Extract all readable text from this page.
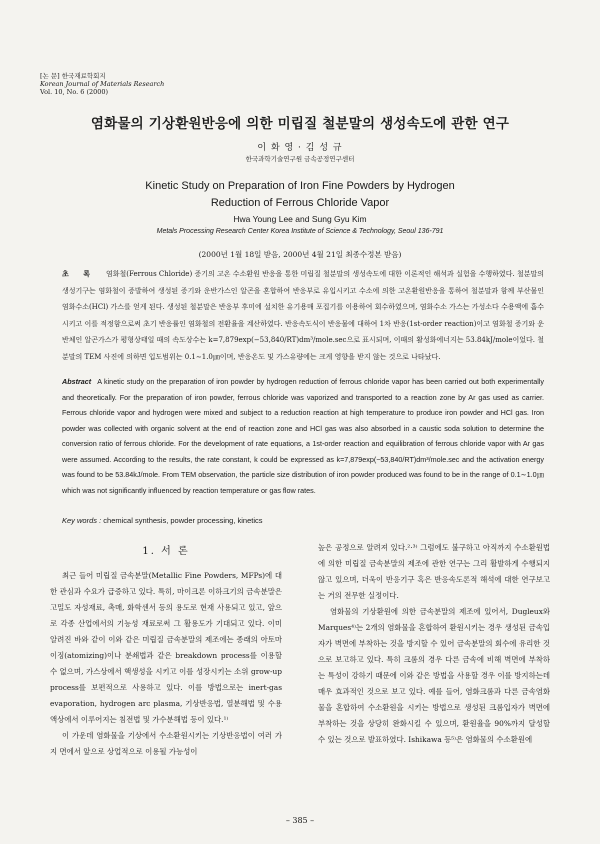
[논 문] 한국재료학회지
Korean Journal of Materials Research
Vol. 10, No. 6 (2000)
염화물의 기상환원반응에 의한 미립질 철분말의 생성속도에 관한 연구
이 화 영 · 김 성 규
한국과학기술연구원 금속공정연구센터
Kinetic Study on Preparation of Iron Fine Powders by Hydrogen
Reduction of Ferrous Chloride Vapor
Hwa Young Lee and Sung Gyu Kim
Metals Processing Research Center Korea Institute of Science & Technology, Seoul 136-791
(2000년 1월 18일 받음, 2000년 4월 21일 최종수정본 받음)
초 록 염화철(Ferrous Chloride) 증기의 고온 수소환원 반응을 통한 미립질 철분말의 생성속도에 대한 이론적인 해석과 실험을 수행하였다. 철분말의 생성기구는 염화철이 증발하여 생성된 증기와 운반가스인 알곤을 혼합하여 반응부로 유입시키고 수소에 의한 고온환원반응을 통하여 철분말과 함께 부산물인 염화수소(HCl) 가스를 얻게 된다. 생성된 철분말은 반응부 후미에 설치한 유기용매 포집기를 이용하여 회수하였으며, 염화수소 가스는 가성소다 수용액에 흡수시키고 이를 적정함으로써 초기 반응률인 염화철의 전환율을 계산하였다. 반응속도식이 반응물에 대하여 1차 반응(1st-order reaction)이고 염화철 증기와 운반체인 알곤가스가 평형상태일 때의 속도상수는 k=7,879exp(−53,840/RT)dm³/mole.sec으로 표시되며, 이때의 활성화에너지는 53.84kJ/mole이었다. 철분말의 TEM 사진에 의하면 입도범위는 0.1∼1.0㎛이며, 반응온도 및 가스유량에는 크게 영향을 받지 않는 것으로 나타났다.
Abstract A kinetic study on the preparation of iron powder by hydrogen reduction of ferrous chloride vapor has been carried out both experimentally and theoretically. For the preparation of iron powder, ferrous chloride was vaporized and transported to a reaction zone by Ar gas used as carrier. Ferrous chloride vapor and hydrogen were mixed and subject to a reduction reaction at high temperature to produce iron powder and HCl gas. Iron powder was collected with organic solvent at the end of reaction zone and HCl gas was also absorbed in a caustic soda solution to determine the conversion ratio of ferrous chloride. For the development of rate equations, a 1st-order reaction and equilibration of ferrous chloride vapor with Ar gas were assumed. According to the results, the rate constant, k could be expressed as k=7,879exp(−53,840/RT)dm³/mole.sec and the activation energy was found to be 53.84kJ/mole. From TEM observation, the particle size distribution of iron powder produced was found to be in the range of 0.1∼1.0㎛ which was not significantly influenced by reaction temperature or gas flow rates.
Key words : chemical synthesis, powder processing, kinetics
1. 서 론

최근 들어 미립질 금속분말(Metallic Fine Powders, MFPs)에 대한 관심과 수요가 급증하고 있다. 특히, 마이크론 이하크기의 금속분말은 고밀도 자성재료, 촉매, 화학센서 등의 용도로 현재 사용되고 있고, 앞으로 각종 산업에서의 기능성 재료로써 그 활용도가 기대되고 있다. 이미 알려진 바와 같이 이와 같은 미립질 금속분말의 제조에는 종래의 아토마이징(atomizing)이나 분쇄법과 같은 breakdown process를 이용할 수 없으며, 가스상에서 핵생성을 시키고 이를 성장시키는 소위 grow-up process를 보편적으로 사용하고 있다. 이를 방법으로는 inert-gas evaporation, hydrogen arc plasma, 기상반응법, 열분해법 및 수용액상에서 이루어지는 침전법 및 가수분해법 등이 있다.¹⁾

이 가운데 염화물을 기상에서 수소환원시키는 기상반응법이 여러 가지 면에서 앞으로 상업적으로 이용될 가능성이

높은 공정으로 알려져 있다.²·³⁾ 그럼에도 불구하고 아직까지 수소환원법에 의한 미립질 금속분말의 제조에 관한 연구는 그리 활발하게 수행되지 않고 있으며, 더욱이 반응기구 혹은 반응속도론적 해석에 대한 연구보고는 거의 전무한 실정이다.

염화물의 기상환원에 의한 금속분말의 제조에 있어서, Dugleux와 Marques⁴⁾는 2개의 염화물을 혼합하여 환원시키는 경우 생성된 금속입자가 벽면에 부착하는 것을 방지할 수 있어 금속분말의 회수에 유리한 것으로 보고하고 있다. 특히 크롬의 경우 다른 금속에 비해 벽면에 부착하는 특성이 강하기 때문에 이와 같은 방법을 사용할 경우 이를 방지하는데 매우 효과적인 것으로 보고 있다. 예를 들어, 염화크롬과 다른 금속염화물을 혼합하여 수소환원을 시키는 방법으로 생성된 크롬입자가 벽면에 부착하는 것을 상당히 완화시킬 수 있으며, 환원율을 90%까지 달성할 수 있는 것으로 발표하였다. Ishikawa 등⁵⁾은 염화물의 수소환원에

– 385 –
